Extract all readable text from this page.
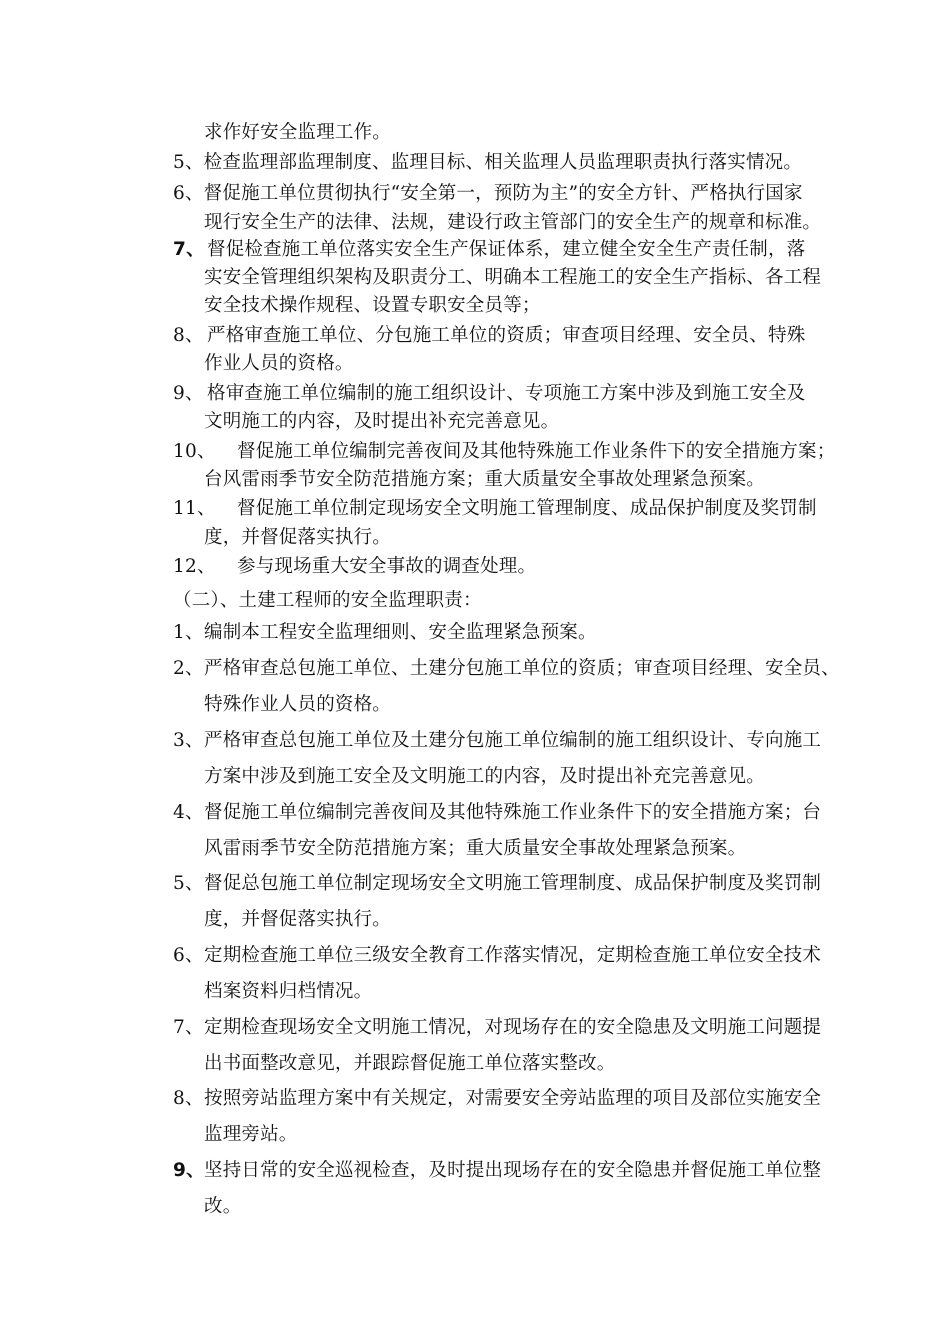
求作好安全监理工作。
5、检查监理部监理制度、监理目标、相关监理人员监理职责执行落实情况。
6、督促施工单位贯彻执行“安全第一，预防为主”的安全方针、严格执行国家
现行安全生产的法律、法规，建设行政主管部门的安全生产的规章和标准。
7、 督促检查施工单位落实安全生产保证体系，建立健全安全生产责任制，落
实安全管理组织架构及职责分工、明确本工程施工的安全生产指标、各工程
安全技术操作规程、设置专职安全员等；
8、 严格审查施工单位、分包施工单位的资质；审查项目经理、安全员、特殊
作业人员的资格。
9、 格审查施工单位编制的施工组织设计、专项施工方案中涉及到施工安全及
文明施工的内容，及时提出补充完善意见。
10、 督促施工单位编制完善夜间及其他特殊施工作业条件下的安全措施方案；
台风雷雨季节安全防范措施方案；重大质量安全事故处理紧急预案。
11、 督促施工单位制定现场安全文明施工管理制度、成品保护制度及奖罚制
度，并督促落实执行。
12、 参与现场重大安全事故的调查处理。
（二）、土建工程师的安全监理职责：
1、编制本工程安全监理细则、安全监理紧急预案。
2、严格审查总包施工单位、土建分包施工单位的资质；审查项目经理、安全员、
特殊作业人员的资格。
3、严格审查总包施工单位及土建分包施工单位编制的施工组织设计、专向施工
方案中涉及到施工安全及文明施工的内容，及时提出补充完善意见。
4、督促施工单位编制完善夜间及其他特殊施工作业条件下的安全措施方案；台
风雷雨季节安全防范措施方案；重大质量安全事故处理紧急预案。
5、督促总包施工单位制定现场安全文明施工管理制度、成品保护制度及奖罚制
度，并督促落实执行。
6、定期检查施工单位三级安全教育工作落实情况，定期检查施工单位安全技术
档案资料归档情况。
7、定期检查现场安全文明施工情况，对现场存在的安全隐患及文明施工问题提
出书面整改意见，并跟踪督促施工单位落实整改。
8、按照旁站监理方案中有关规定，对需要安全旁站监理的项目及部位实施安全
监理旁站。
9、坚持日常的安全巡视检查，及时提出现场存在的安全隐患并督促施工单位整
改。
